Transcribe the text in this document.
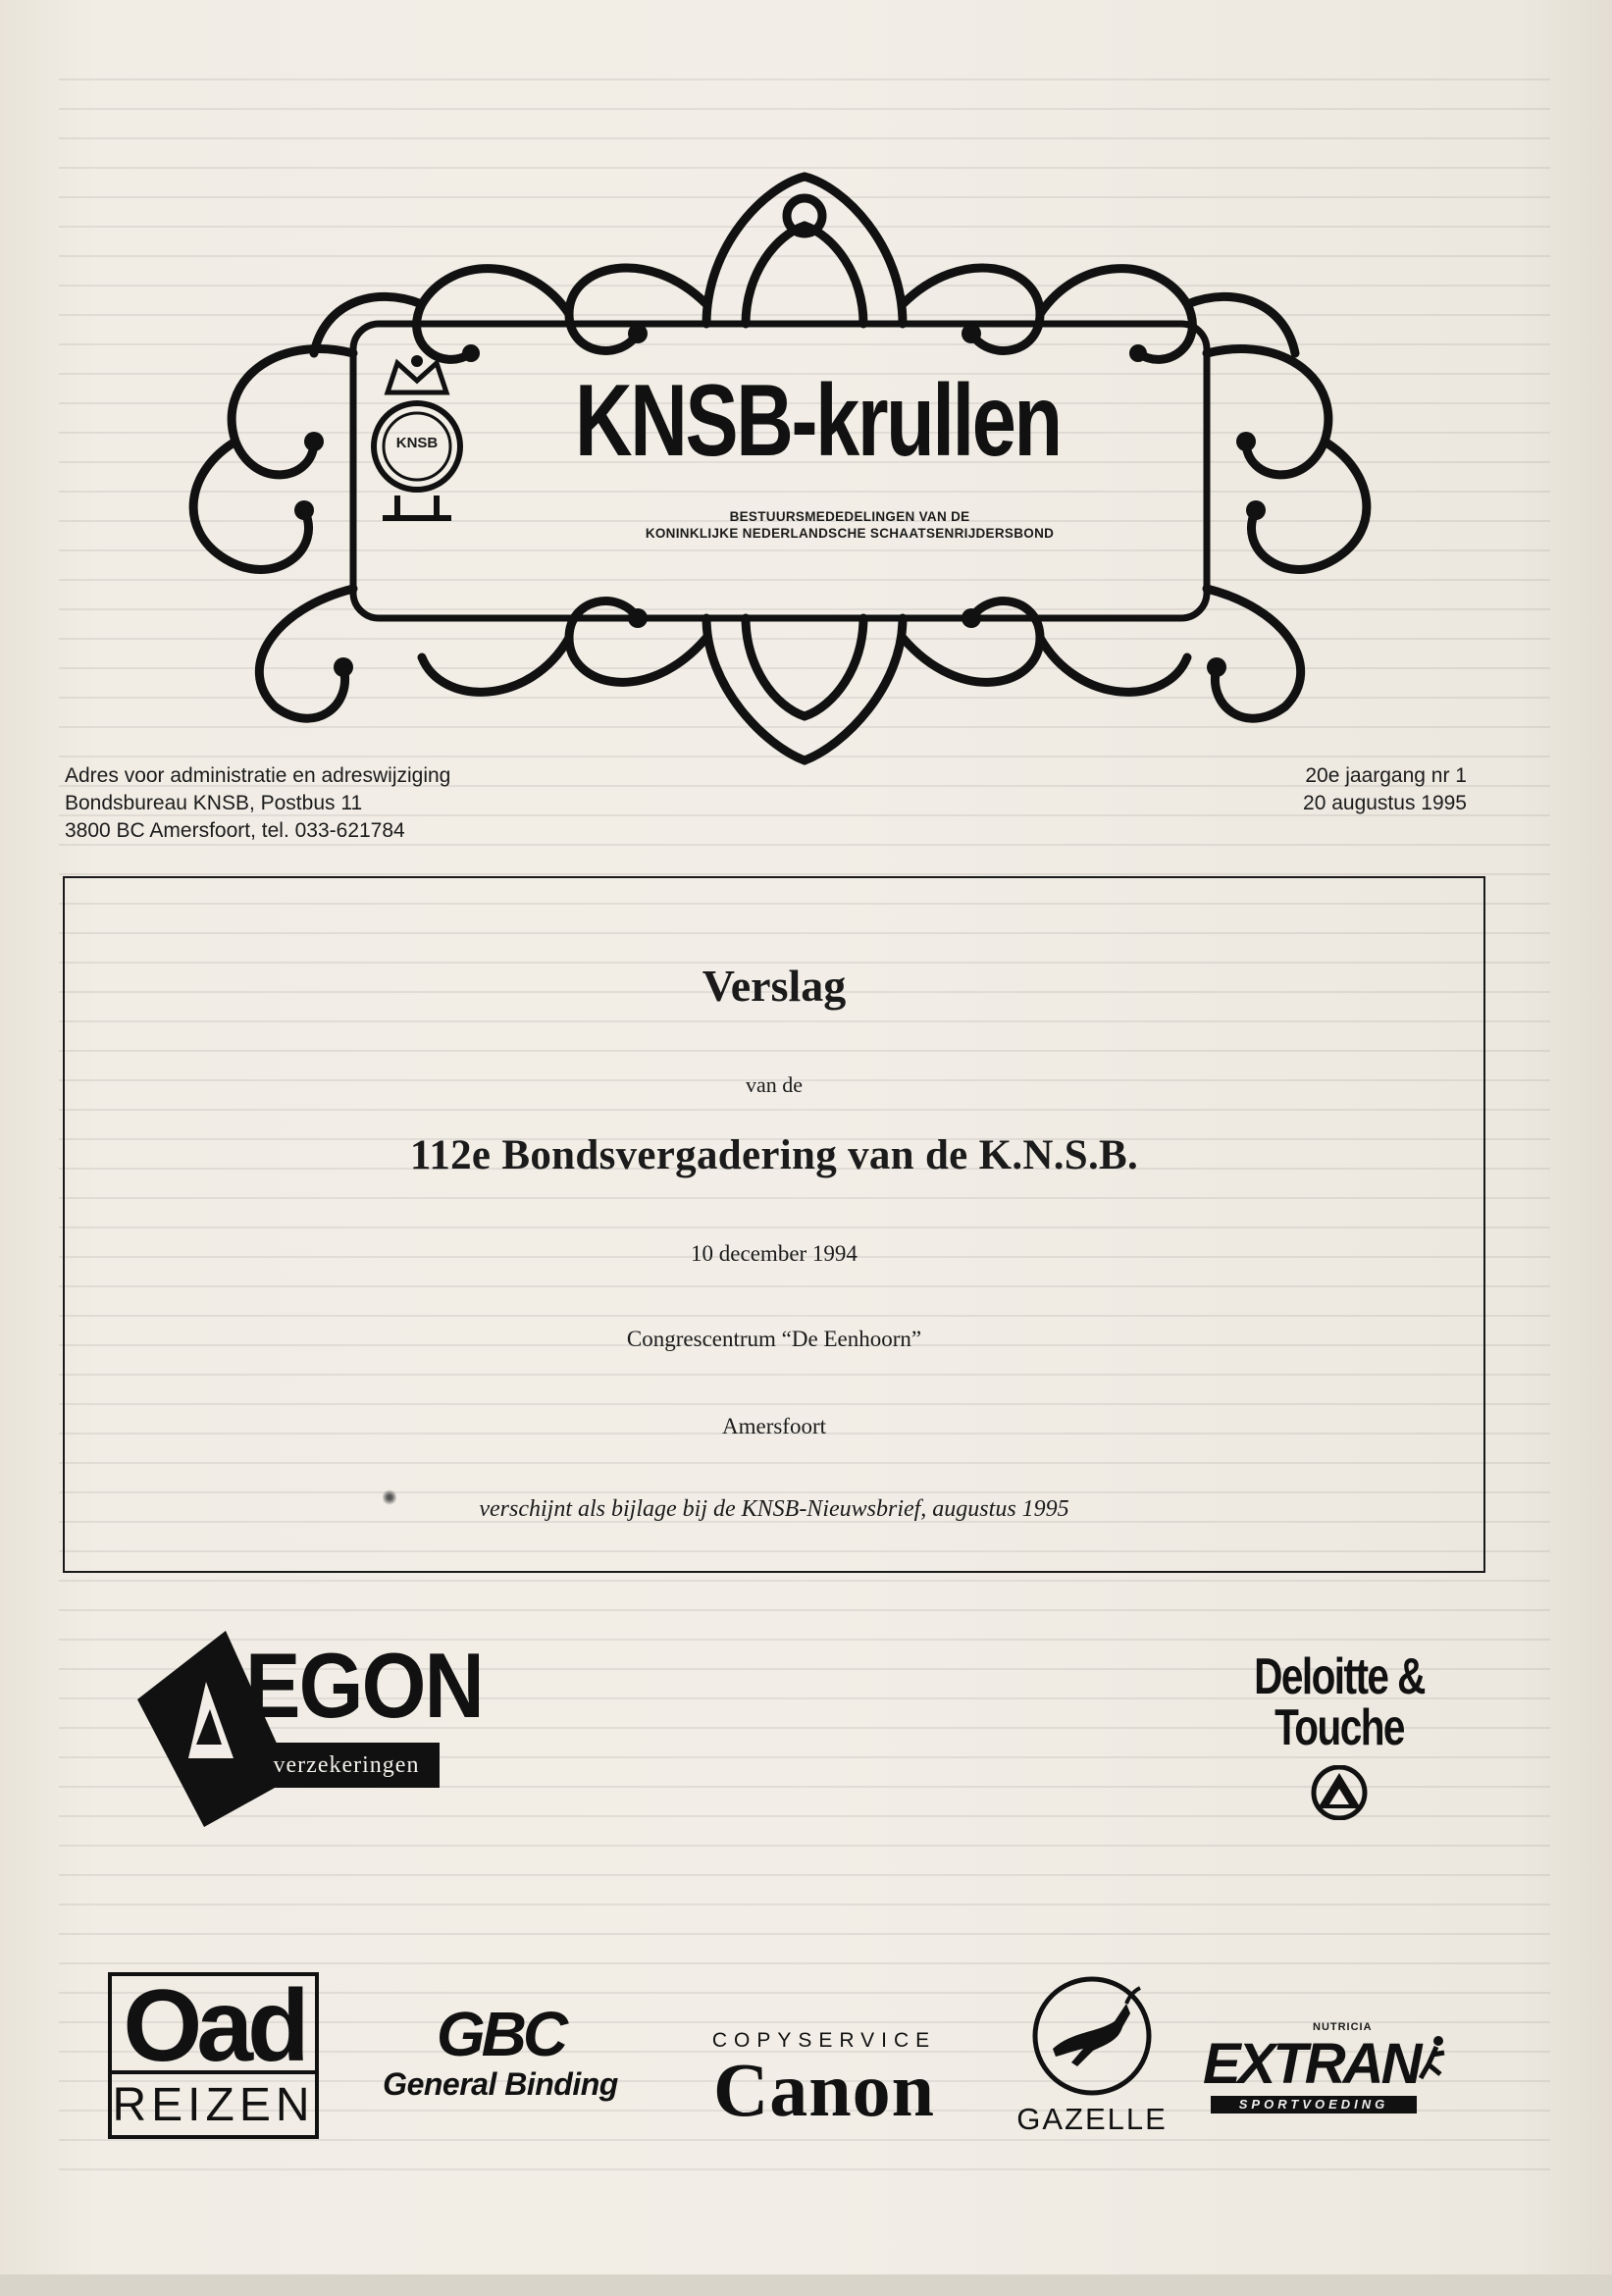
KNSB KNSB-krullen
BESTUURSMEDEDELINGEN VAN DE
KONINKLIJKE NEDERLANDSCHE SCHAATSENRIJDERSBOND
Adres voor administratie en adreswijziging
Bondsbureau KNSB, Postbus 11
3800 BC Amersfoort, tel. 033-621784
20e jaargang nr 1
20 augustus 1995
Verslag
van de
112e Bondsvergadering van de K.N.S.B.
10 december 1994
Congrescentrum “De Eenhoorn”
Amersfoort
verschijnt als bijlage bij de KNSB-Nieuwsbrief, augustus 1995
EGON
verzekeringen
Deloitte &
Touche
Oad
REIZEN
GBC
General Binding
COPYSERVICE
Canon	GAZELLE
NUTRICIA
EXTRAN
SPORTVOEDING
